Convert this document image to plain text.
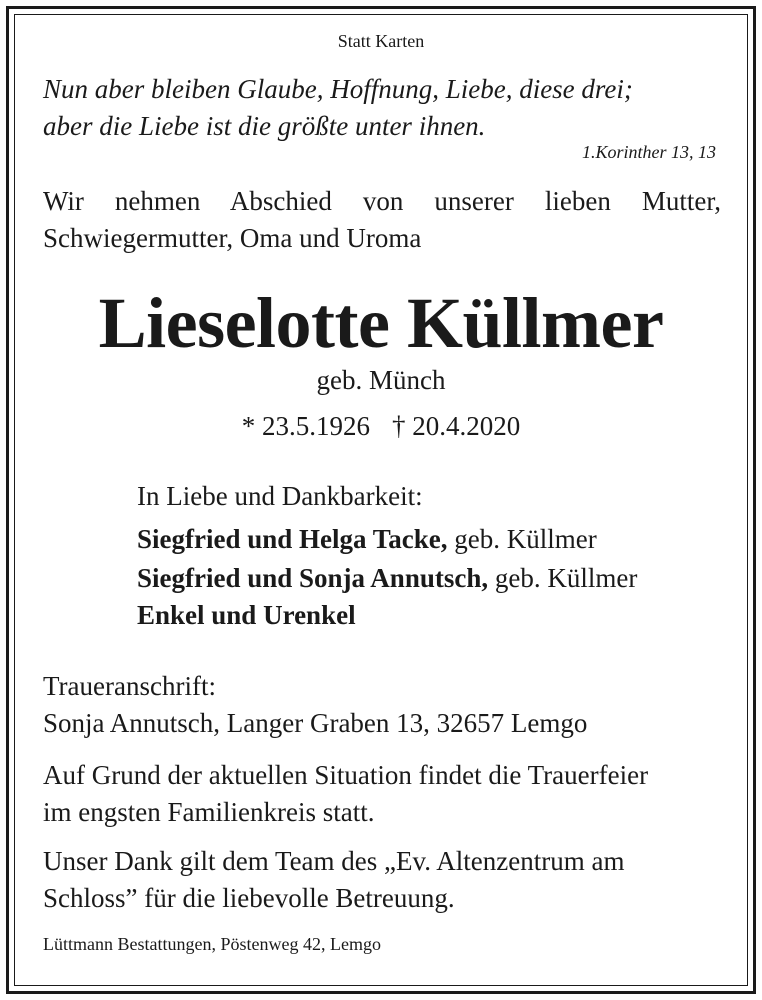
Statt Karten

Nun aber bleiben Glaube, Hoffnung, Liebe, diese drei;

aber die Liebe ist die größte unter ihnen.

1.Korinther 13, 13

Wir nehmen Abschied von unserer lieben Mutter,

Schwiegermutter, Oma und Uroma

Lieselotte Küllmer

geb. Münch

* 23.5.1926 † 20.4.2020

In Liebe und Dankbarkeit:

Siegfried und Helga Tacke, geb. Küllmer

Siegfried und Sonja Annutsch, geb. Küllmer

Enkel und Urenkel

Traueranschrift:

Sonja Annutsch, Langer Graben 13, 32657 Lemgo

Auf Grund der aktuellen Situation findet die Trauerfeier

im engsten Familienkreis statt.

Unser Dank gilt dem Team des „Ev. Altenzentrum am

Schloss” für die liebevolle Betreuung.

Lüttmann Bestattungen, Pöstenweg 42, Lemgo
